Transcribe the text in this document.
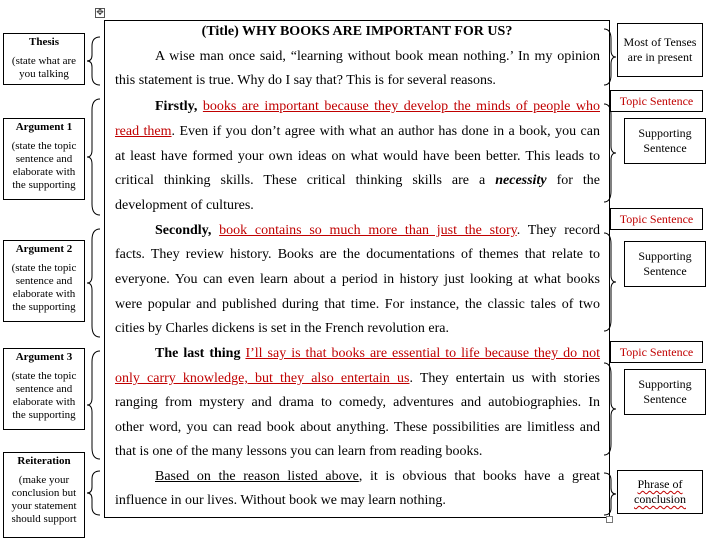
✥
Thesis
(state what are you talking
Argument 1
(state the topic sentence and elaborate with the supporting
Argument 2
(state the topic sentence and elaborate with the supporting
Argument 3
(state the topic sentence and elaborate with the supporting
Reiteration
(make your conclusion but your statement should support
(Title) WHY BOOKS ARE IMPORTANT FOR US?
A wise man once said, “learning without book mean nothing.’ In my opinion
this statement is true. Why do I say that? This is for several reasons.
Firstly, books are important because they develop the minds of people who
read them. Even if you don’t agree with what an author has done in a book, you can
at least have formed your own ideas on what would have been better. This leads to
critical thinking skills. These critical thinking skills are a necessity for the
development of cultures.
Secondly, book contains so much more than just the story. They record
facts. They review history. Books are the documentations of themes that relate to
everyone. You can even learn about a period in history just looking at what books
were popular and published during that time. For instance, the classic tales of two
cities by Charles dickens is set in the French revolution era.
The last thing I’ll say is that books are essential to life because they do not
only carry knowledge, but they also entertain us. They entertain us with stories
ranging from mystery and drama to comedy, adventures and autobiographies. In
other word, you can read book about anything. These possibilities are limitless and
that is one of the many lessons you can learn from reading books.
Based on the reason listed above, it is obvious that books have a great
influence in our lives. Without book we may learn nothing.
Most of Tenses are in present
Topic Sentence
Supporting Sentence
Topic Sentence
Supporting Sentence
Topic Sentence
Supporting Sentence
Phrase of conclusion
